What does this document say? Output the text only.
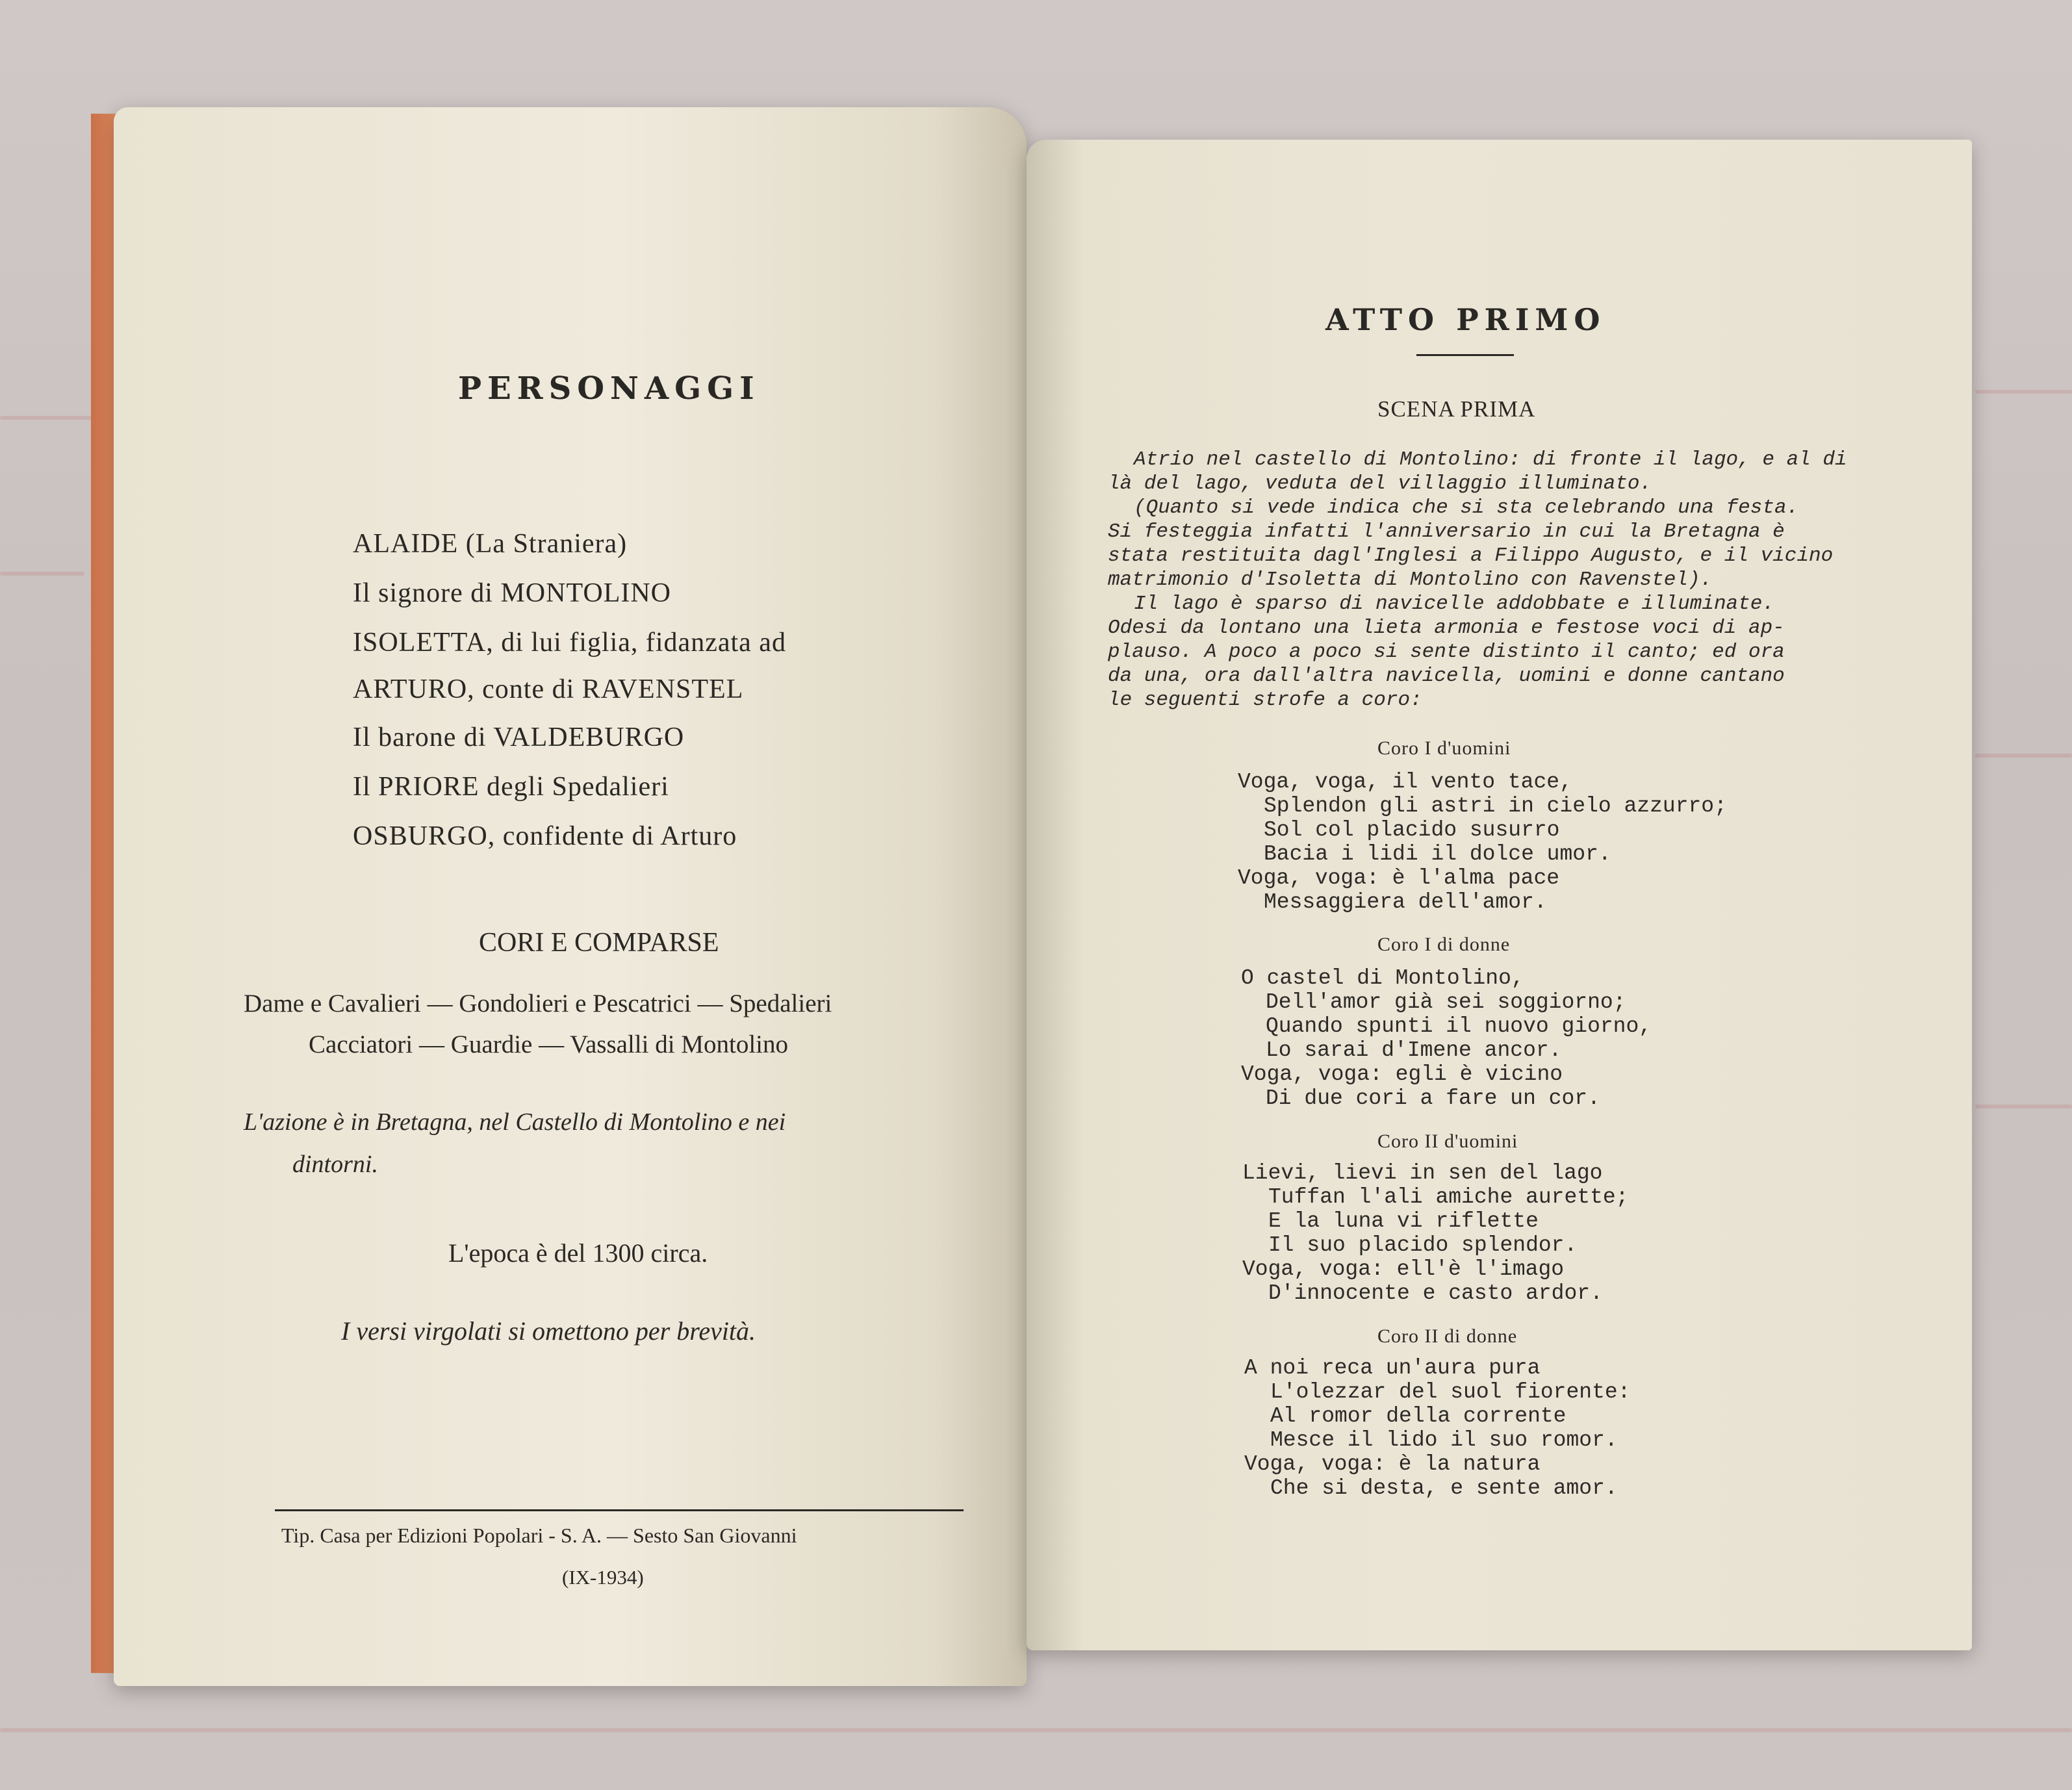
PERSONAGGI
ALAIDE (La Straniera)
Il signore di MONTOLINO
ISOLETTA, di lui figlia, fidanzata ad
ARTURO, conte di RAVENSTEL
Il barone di VALDEBURGO
Il PRIORE degli Spedalieri
OSBURGO, confidente di Arturo
CORI E COMPARSE
Dame e Cavalieri — Gondolieri e Pescatrici — Spedalieri
Cacciatori — Guardie — Vassalli di Montolino
L'azione è in Bretagna, nel Castello di Montolino e nei
dintorni.
L'epoca è del 1300 circa.
I versi virgolati si omettono per brevità.
Tip. Casa per Edizioni Popolari - S. A. — Sesto San Giovanni
(IX-1934)
ATTO PRIMO
SCENA PRIMA
Atrio nel castello di Montolino: di fronte il lago, e al di
là del lago, veduta del villaggio illuminato.
(Quanto si vede indica che si sta celebrando una festa.
Si festeggia infatti l'anniversario in cui la Bretagna è
stata restituita dagl'Inglesi a Filippo Augusto, e il vicino
matrimonio d'Isoletta di Montolino con Ravenstel).
Il lago è sparso di navicelle addobbate e illuminate.
Odesi da lontano una lieta armonia e festose voci di ap-
plauso. A poco a poco si sente distinto il canto; ed ora
da una, ora dall'altra navicella, uomini e donne cantano
le seguenti strofe a coro:
Coro I d'uomini
Voga, voga, il vento tace,
Splendon gli astri in cielo azzurro;
Sol col placido susurro
Bacia i lidi il dolce umor.
Voga, voga: è l'alma pace
Messaggiera dell'amor.
Coro I di donne
O castel di Montolino,
Dell'amor già sei soggiorno;
Quando spunti il nuovo giorno,
Lo sarai d'Imene ancor.
Voga, voga: egli è vicino
Di due cori a fare un cor.
Coro II d'uomini
Lievi, lievi in sen del lago
Tuffan l'ali amiche aurette;
E la luna vi riflette
Il suo placido splendor.
Voga, voga: ell'è l'imago
D'innocente e casto ardor.
Coro II di donne
A noi reca un'aura pura
L'olezzar del suol fiorente:
Al romor della corrente
Mesce il lido il suo romor.
Voga, voga: è la natura
Che si desta, e sente amor.
